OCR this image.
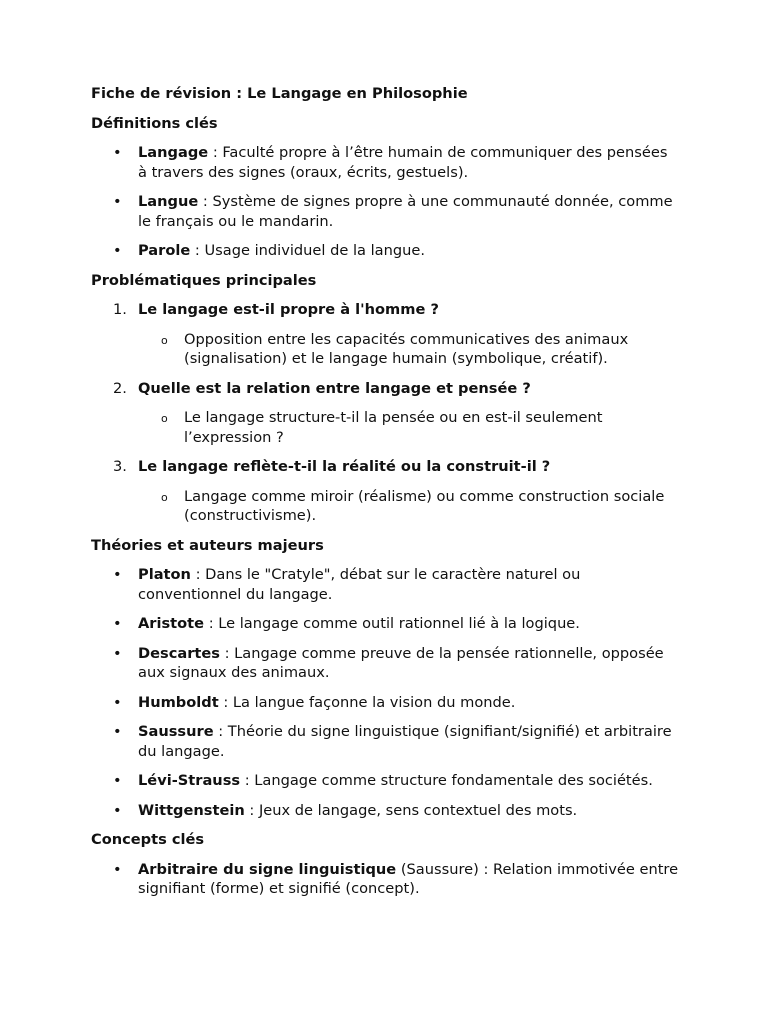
Fiche de révision : Le Langage en Philosophie

Définitions clés

• Langage : Faculté propre à l’être humain de communiquer des pensées à travers des signes (oraux, écrits, gestuels).
• Langue : Système de signes propre à une communauté donnée, comme le français ou le mandarin.
• Parole : Usage individuel de la langue.

Problématiques principales

1. Le langage est-il propre à l'homme ?
o Opposition entre les capacités communicatives des animaux (signalisation) et le langage humain (symbolique, créatif).
2. Quelle est la relation entre langage et pensée ?
o Le langage structure-t-il la pensée ou en est-il seulement l’expression ?
3. Le langage reflète-t-il la réalité ou la construit-il ?
o Langage comme miroir (réalisme) ou comme construction sociale (constructivisme).

Théories et auteurs majeurs

• Platon : Dans le "Cratyle", débat sur le caractère naturel ou conventionnel du langage.
• Aristote : Le langage comme outil rationnel lié à la logique.
• Descartes : Langage comme preuve de la pensée rationnelle, opposée aux signaux des animaux.
• Humboldt : La langue façonne la vision du monde.
• Saussure : Théorie du signe linguistique (signifiant/signifié) et arbitraire du langage.
• Lévi-Strauss : Langage comme structure fondamentale des sociétés.
• Wittgenstein : Jeux de langage, sens contextuel des mots.

Concepts clés

• Arbitraire du signe linguistique (Saussure) : Relation immotivée entre signifiant (forme) et signifié (concept).
